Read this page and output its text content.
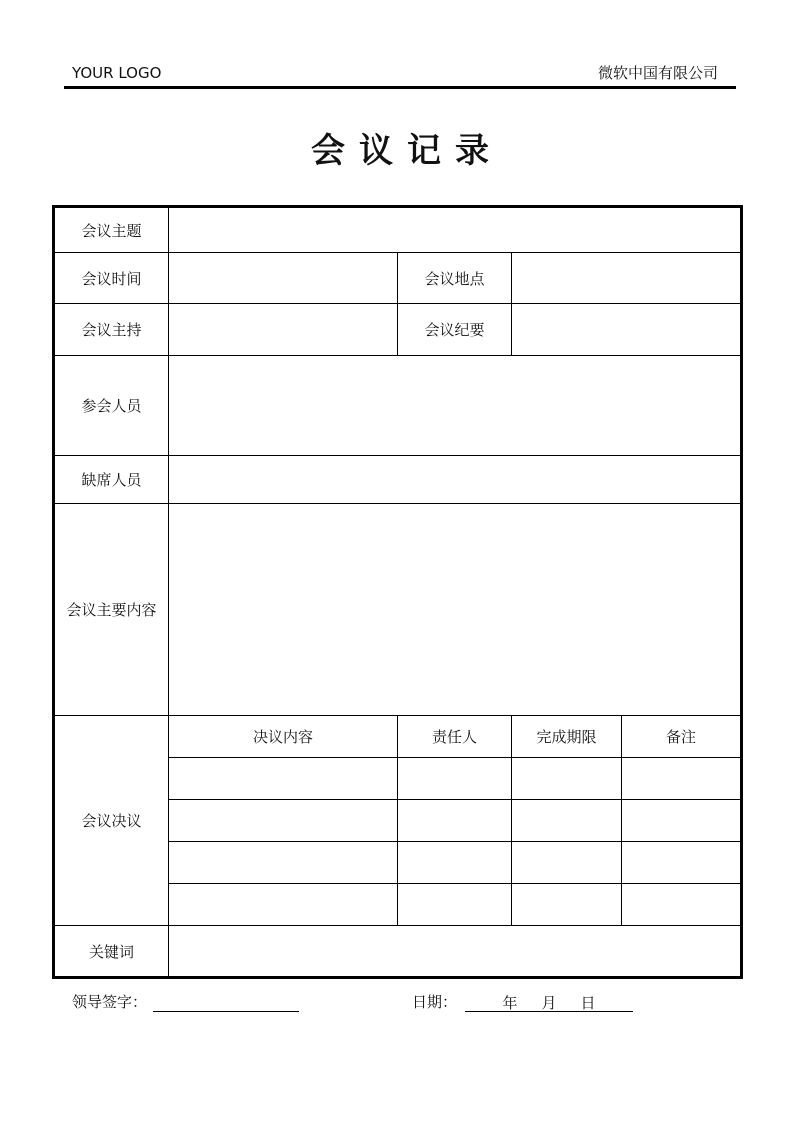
YOUR LOGO	微软中国有限公司
会议记录
会议主题				
会议时间		会议地点		
会议主持		会议纪要		
参会人员				
缺席人员				
会议主要内容				
会议决议	决议内容	责任人	完成期限	备注

关键词				
领导签字：	日期：	年 月 日
